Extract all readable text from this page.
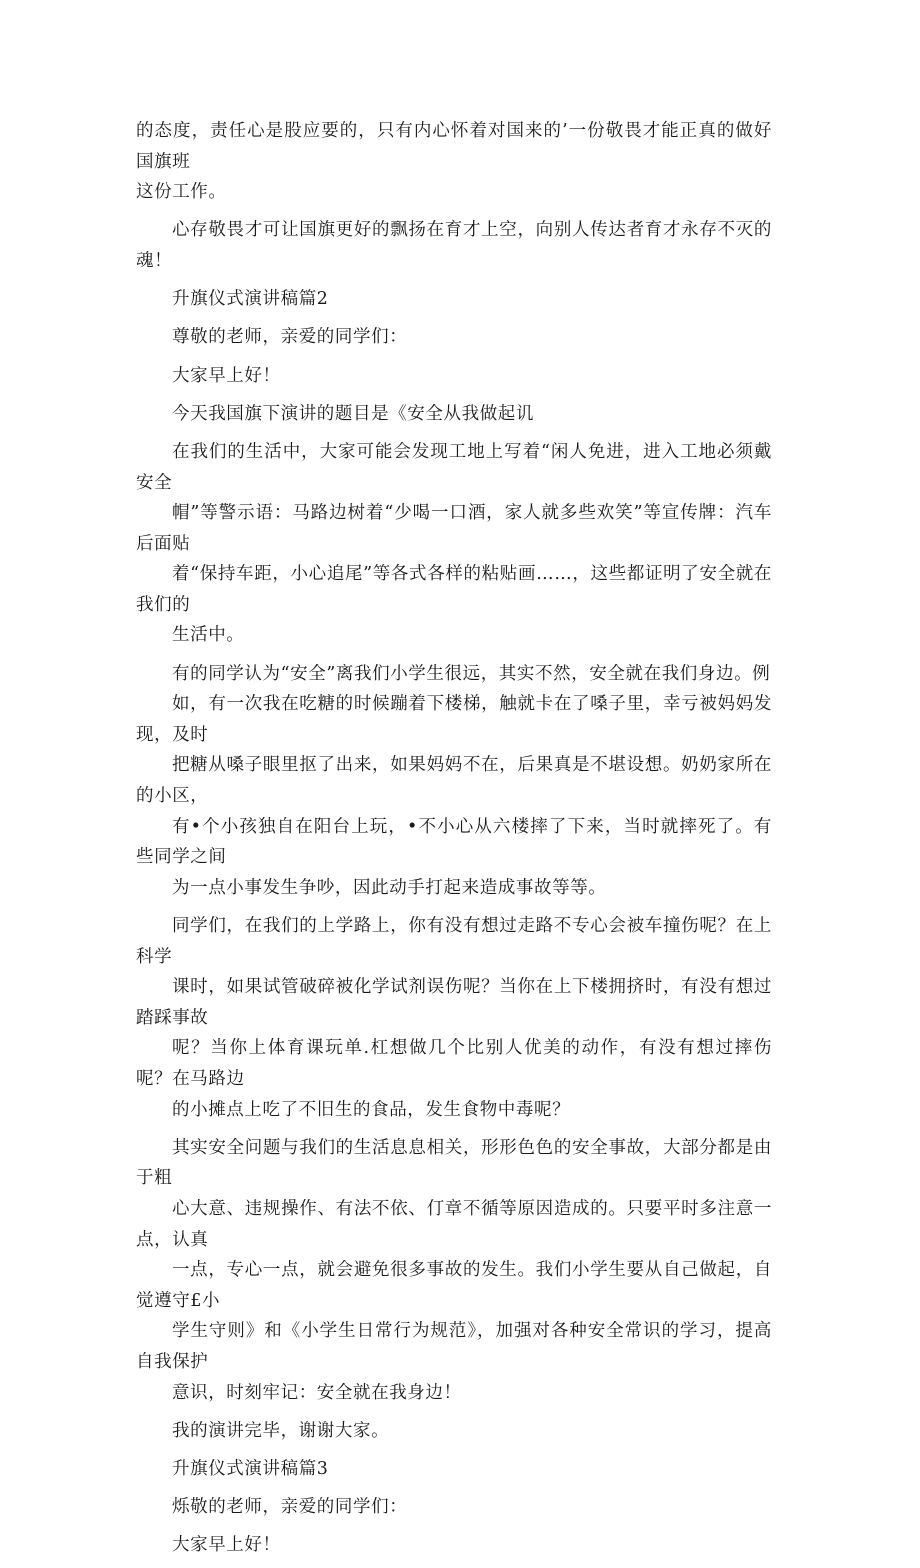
的态度，责任心是股应要的，只有内心怀着对国来的’一份敬畏才能正真的做好国旗班
这份工作。
心存敬畏才可让国旗更好的飘扬在育才上空，向别人传达者育才永存不灭的魂！
升旗仪式演讲稿篇2
尊敬的老师，亲爱的同学们：
大家早上好！
今天我国旗下演讲的题目是《安全从我做起讥
在我们的生活中，大家可能会发现工地上写着“闲人免进，进入工地必须戴安全
帽”等警示语：马路边树着“少喝一口酒，家人就多些欢笑”等宣传牌：汽车后面贴
着“保持车距，小心追尾”等各式各样的粘贴画……，这些都证明了安全就在我们的
生活中。
有的同学认为“安全”离我们小学生很远，其实不然，安全就在我们身边。例
如，有一次我在吃糖的时候蹦着下楼梯，触就卡在了嗓子里，幸亏被妈妈发现，及时
把糖从嗓子眼里抠了出来，如果妈妈不在，后果真是不堪设想。奶奶家所在的小区，
有•个小孩独自在阳台上玩，•不小心从六楼摔了下来，当时就摔死了。有些同学之间
为一点小事发生争吵，因此动手打起来造成事故等等。
同学们，在我们的上学路上，你有没有想过走路不专心会被车撞伤呢？在上科学
课时，如果试管破碎被化学试剂误伤呢？当你在上下楼拥挤时，有没有想过踏踩事故
呢？当你上体育课玩单.杠想做几个比别人优美的动作，有没有想过摔伤呢？在马路边
的小摊点上吃了不旧生的食品，发生食物中毒呢？
其实安全问题与我们的生活息息相关，形形色色的安全事故，大部分都是由于粗
心大意、违规操作、有法不依、仃章不循等原因造成的。只要平时多注意一点，认真
一点，专心一点，就会避免很多事故的发生。我们小学生要从自己做起，自觉遵守£小
学生守则》和《小学生日常行为规范》，加强对各种安全常识的学习，提高自我保护
意识，时刻牢记：安全就在我身边！
我的演讲完毕，谢谢大家。
升旗仪式演讲稿篇3
烁敬的老师，亲爱的同学们：
大家早上好！
